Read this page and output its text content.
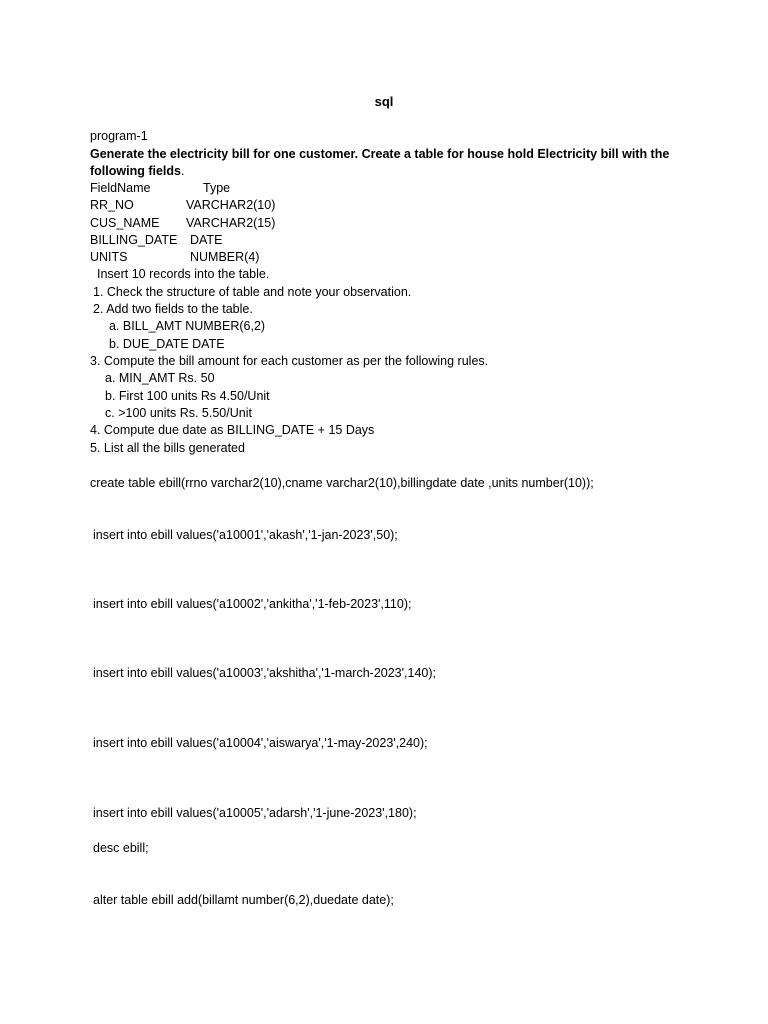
sql
program-1
Generate the electricity bill for one customer. Create a table for house hold Electricity bill with the
following fields.
FieldName	Type
RR_NO	VARCHAR2(10)
CUS_NAME VARCHAR2(15)
BILLING_DATE DATE
UNITS	NUMBER(4)
Insert 10 records into the table.
1. Check the structure of table and note your observation.
2. Add two fields to the table.
a. BILL_AMT NUMBER(6,2)
b. DUE_DATE DATE
3. Compute the bill amount for each customer as per the following rules.
a. MIN_AMT Rs. 50
b. First 100 units Rs 4.50/Unit
c. >100 units Rs. 5.50/Unit
4. Compute due date as BILLING_DATE + 15 Days
5. List all the bills generated
create table ebill(rrno varchar2(10),cname varchar2(10),billingdate date ,units number(10));
insert into ebill values('a10001','akash','1-jan-2023',50);
insert into ebill values('a10002','ankitha','1-feb-2023',110);
insert into ebill values('a10003','akshitha','1-march-2023',140);
insert into ebill values('a10004','aiswarya','1-may-2023',240);
insert into ebill values('a10005','adarsh','1-june-2023',180);
desc ebill;
alter table ebill add(billamt number(6,2),duedate date);
